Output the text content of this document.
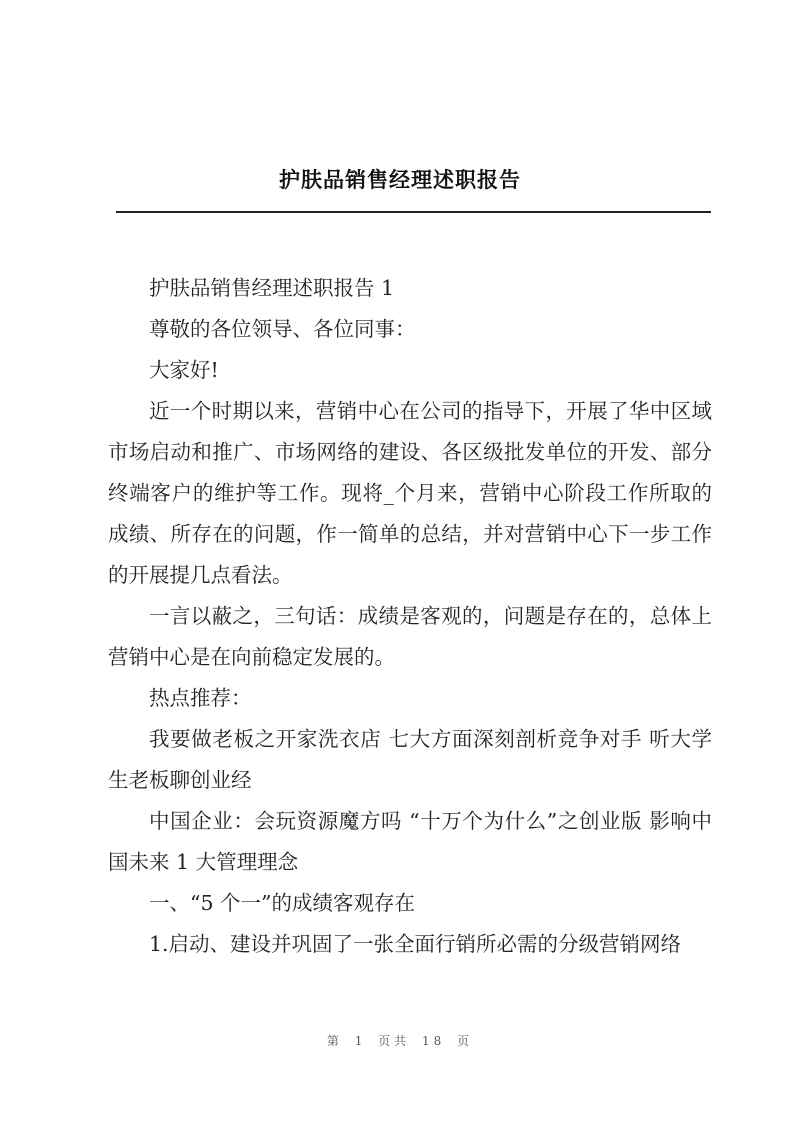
护肤品销售经理述职报告

护肤品销售经理述职报告 1

尊敬的各位领导、各位同事：

大家好!

近一个时期以来，营销中心在公司的指导下，开展了华中区域市场启动和推广、市场网络的建设、各区级批发单位的开发、部分终端客户的维护等工作。现将_个月来，营销中心阶段工作所取的成绩、所存在的问题，作一简单的总结，并对营销中心下一步工作的开展提几点看法。

一言以蔽之，三句话：成绩是客观的，问题是存在的，总体上营销中心是在向前稳定发展的。

热点推荐：

我要做老板之开家洗衣店 七大方面深刻剖析竞争对手 听大学生老板聊创业经

中国企业：会玩资源魔方吗 “十万个为什么”之创业版 影响中国未来 1 大管理理念

一、“5 个一”的成绩客观存在

1.启动、建设并巩固了一张全面行销所必需的分级营销网络

第 1 页共 18 页
